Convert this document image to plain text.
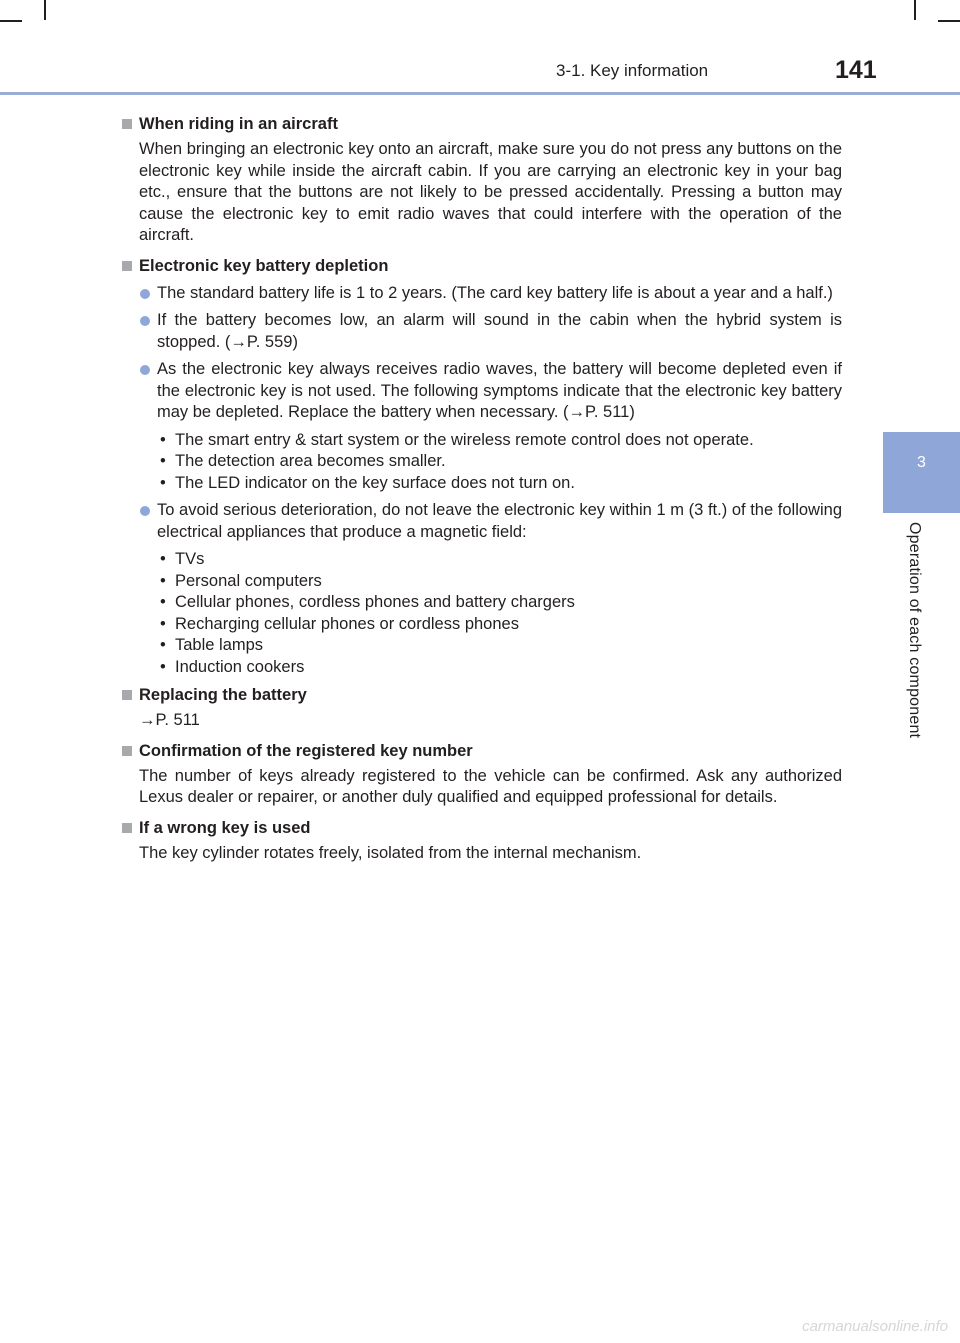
3-1. Key information	141
3
Operation of each component
When riding in an aircraft
When bringing an electronic key onto an aircraft, make sure you do not press any buttons on the electronic key while inside the aircraft cabin. If you are carrying an electronic key in your bag etc., ensure that the buttons are not likely to be pressed accidentally. Pressing a button may cause the electronic key to emit radio waves that could interfere with the operation of the aircraft.
Electronic key battery depletion
The standard battery life is 1 to 2 years. (The card key battery life is about a year and a half.)
If the battery becomes low, an alarm will sound in the cabin when the hybrid system is stopped. (→P. 559)
As the electronic key always receives radio waves, the battery will become depleted even if the electronic key is not used. The following symptoms indicate that the electronic key battery may be depleted. Replace the battery when necessary. (→P. 511)
• The smart entry & start system or the wireless remote control does not operate.
• The detection area becomes smaller.
• The LED indicator on the key surface does not turn on.
To avoid serious deterioration, do not leave the electronic key within 1 m (3 ft.) of the following electrical appliances that produce a magnetic field:
• TVs
• Personal computers
• Cellular phones, cordless phones and battery chargers
• Recharging cellular phones or cordless phones
• Table lamps
• Induction cookers
Replacing the battery
→P. 511
Confirmation of the registered key number
The number of keys already registered to the vehicle can be confirmed. Ask any authorized Lexus dealer or repairer, or another duly qualified and equipped professional for details.
If a wrong key is used
The key cylinder rotates freely, isolated from the internal mechanism.
carmanualsonline.info
